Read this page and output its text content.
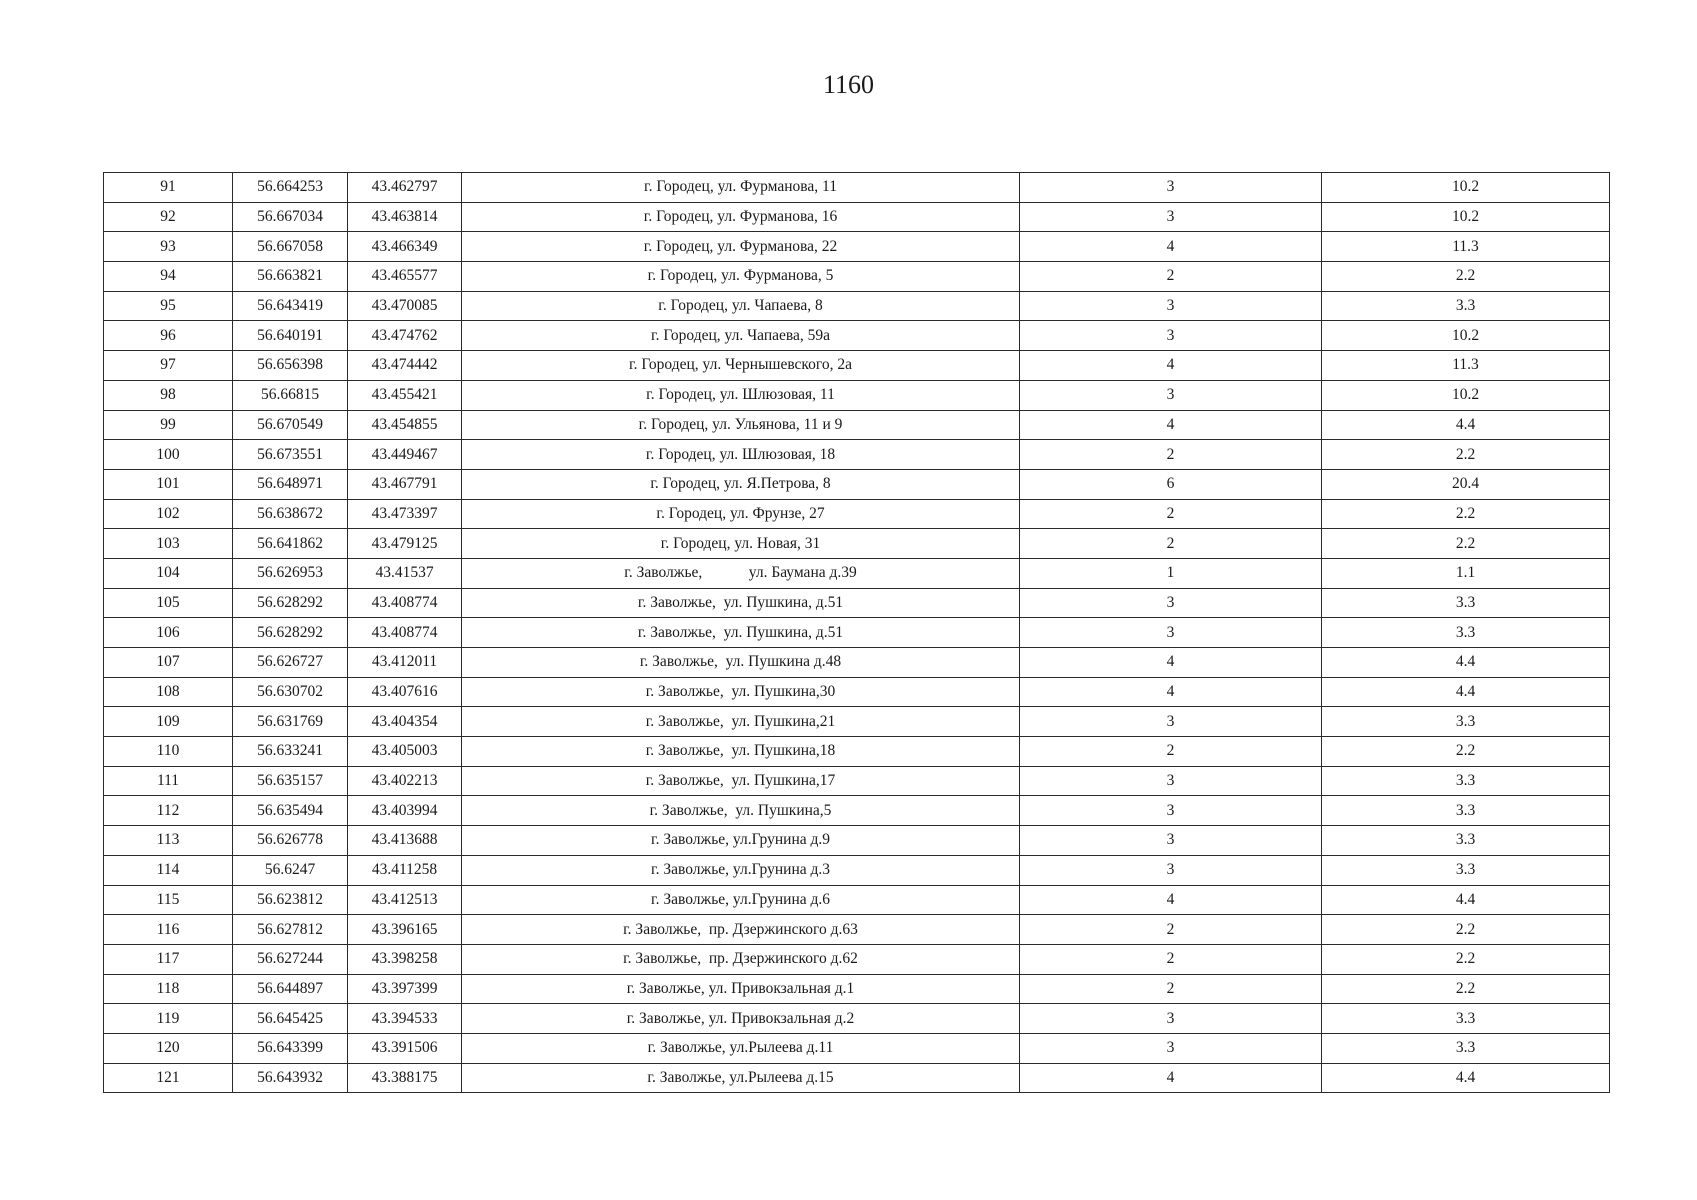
1160
91	56.664253	43.462797	г. Городец, ул. Фурманова, 11	3	10.2
92	56.667034	43.463814	г. Городец, ул. Фурманова, 16	3	10.2
93	56.667058	43.466349	г. Городец, ул. Фурманова, 22	4	11.3
94	56.663821	43.465577	г. Городец, ул. Фурманова, 5	2	2.2
95	56.643419	43.470085	г. Городец, ул. Чапаева, 8	3	3.3
96	56.640191	43.474762	г. Городец, ул. Чапаева, 59а	3	10.2
97	56.656398	43.474442	г. Городец, ул. Чернышевского, 2а	4	11.3
98	56.66815	43.455421	г. Городец, ул. Шлюзовая, 11	3	10.2
99	56.670549	43.454855	г. Городец, ул. Ульянова, 11 и 9	4	4.4
100	56.673551	43.449467	г. Городец, ул. Шлюзовая, 18	2	2.2
101	56.648971	43.467791	г. Городец, ул. Я.Петрова, 8	6	20.4
102	56.638672	43.473397	г. Городец, ул. Фрунзе, 27	2	2.2
103	56.641862	43.479125	г. Городец, ул. Новая, 31	2	2.2
104	56.626953	43.41537	г. Заволжье,            ул. Баумана д.39	1	1.1
105	56.628292	43.408774	г. Заволжье,  ул. Пушкина, д.51	3	3.3
106	56.628292	43.408774	г. Заволжье,  ул. Пушкина, д.51	3	3.3
107	56.626727	43.412011	г. Заволжье,  ул. Пушкина д.48	4	4.4
108	56.630702	43.407616	г. Заволжье,  ул. Пушкина,30	4	4.4
109	56.631769	43.404354	г. Заволжье,  ул. Пушкина,21	3	3.3
110	56.633241	43.405003	г. Заволжье,  ул. Пушкина,18	2	2.2
111	56.635157	43.402213	г. Заволжье,  ул. Пушкина,17	3	3.3
112	56.635494	43.403994	г. Заволжье,  ул. Пушкина,5	3	3.3
113	56.626778	43.413688	г. Заволжье, ул.Грунина д.9	3	3.3
114	56.6247	43.411258	г. Заволжье, ул.Грунина д.3	3	3.3
115	56.623812	43.412513	г. Заволжье, ул.Грунина д.6	4	4.4
116	56.627812	43.396165	г. Заволжье,  пр. Дзержинского д.63	2	2.2
117	56.627244	43.398258	г. Заволжье,  пр. Дзержинского д.62	2	2.2
118	56.644897	43.397399	г. Заволжье, ул. Привокзальная д.1	2	2.2
119	56.645425	43.394533	г. Заволжье, ул. Привокзальная д.2	3	3.3
120	56.643399	43.391506	г. Заволжье, ул.Рылеева д.11	3	3.3
121	56.643932	43.388175	г. Заволжье, ул.Рылеева д.15	4	4.4
